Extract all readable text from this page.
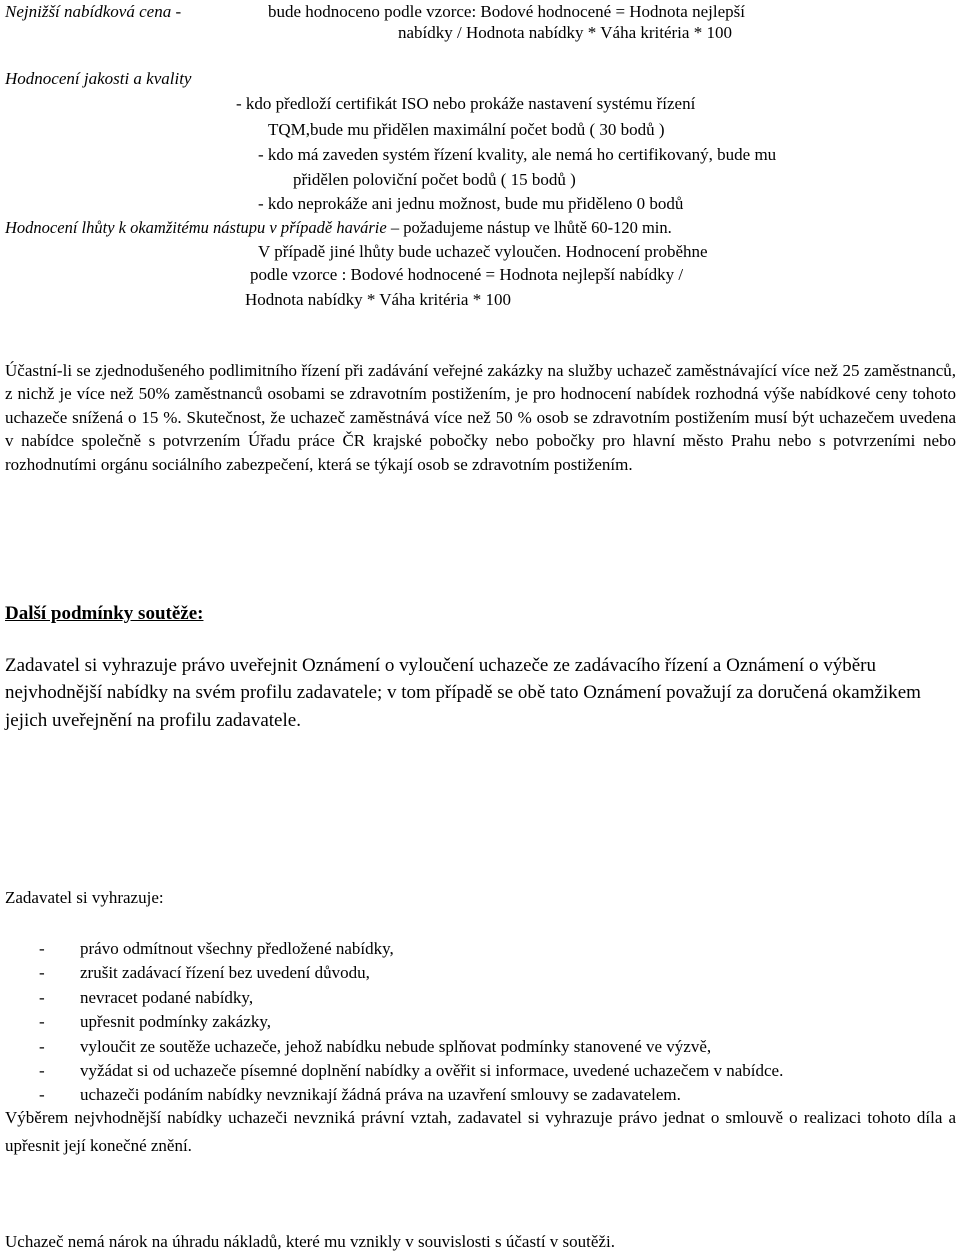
Nejnižší nabídková cena -	bude hodnoceno podle vzorce: Bodové hodnocené = Hodnota nejlepší
nabídky / Hodnota nabídky * Váha kritéria * 100
Hodnocení jakosti a kvality
- kdo předloží certifikát ISO nebo prokáže nastavení systému řízení
TQM,bude mu přidělen maximální počet bodů ( 30 bodů )
- kdo má zaveden systém řízení kvality, ale nemá ho certifikovaný, bude mu
přidělen poloviční počet bodů ( 15 bodů )
- kdo neprokáže ani jednu možnost, bude mu přiděleno 0 bodů
Hodnocení lhůty k okamžitému nástupu v případě havárie – požadujeme nástup ve lhůtě 60-120 min.
V případě jiné lhůty bude uchazeč vyloučen. Hodnocení proběhne
podle vzorce : Bodové hodnocené = Hodnota nejlepší nabídky /
Hodnota nabídky * Váha kritéria * 100
Účastní-li se zjednodušeného podlimitního řízení při zadávání veřejné zakázky na služby uchazeč zaměstnávající více než 25 zaměstnanců, z nichž je více než 50% zaměstnanců osobami se zdravotním postižením, je pro hodnocení nabídek rozhodná výše nabídkové ceny tohoto uchazeče snížená o 15 %. Skutečnost, že uchazeč zaměstnává více než 50 % osob se zdravotním postižením musí být uchazečem uvedena v nabídce společně s potvrzením Úřadu práce ČR krajské pobočky nebo pobočky pro hlavní město Prahu nebo s potvrzeními nebo rozhodnutími orgánu sociálního zabezpečení, která se týkají osob se zdravotním postižením.
Další podmínky soutěže:
Zadavatel si vyhrazuje právo uveřejnit Oznámení o vyloučení uchazeče ze zadávacího řízení a Oznámení o výběru nejvhodnější nabídky na svém profilu zadavatele; v tom případě se obě tato Oznámení považují za doručená okamžikem jejich uveřejnění na profilu zadavatele.
Zadavatel si vyhrazuje:
- právo odmítnout všechny předložené nabídky,
- zrušit zadávací řízení bez uvedení důvodu,
- nevracet podané nabídky,
- upřesnit podmínky zakázky,
- vyloučit ze soutěže uchazeče, jehož nabídku nebude splňovat podmínky stanovené ve výzvě,
- vyžádat si od uchazeče písemné doplnění nabídky a ověřit si informace, uvedené uchazečem v nabídce.
- uchazeči podáním nabídky nevznikají žádná práva na uzavření smlouvy se zadavatelem.
Výběrem nejvhodnější nabídky uchazeči nevzniká právní vztah, zadavatel si vyhrazuje právo jednat o smlouvě o realizaci tohoto díla a upřesnit její konečné znění.
Uchazeč nemá nárok na úhradu nákladů, které mu vznikly v souvislosti s účastí v soutěži.
